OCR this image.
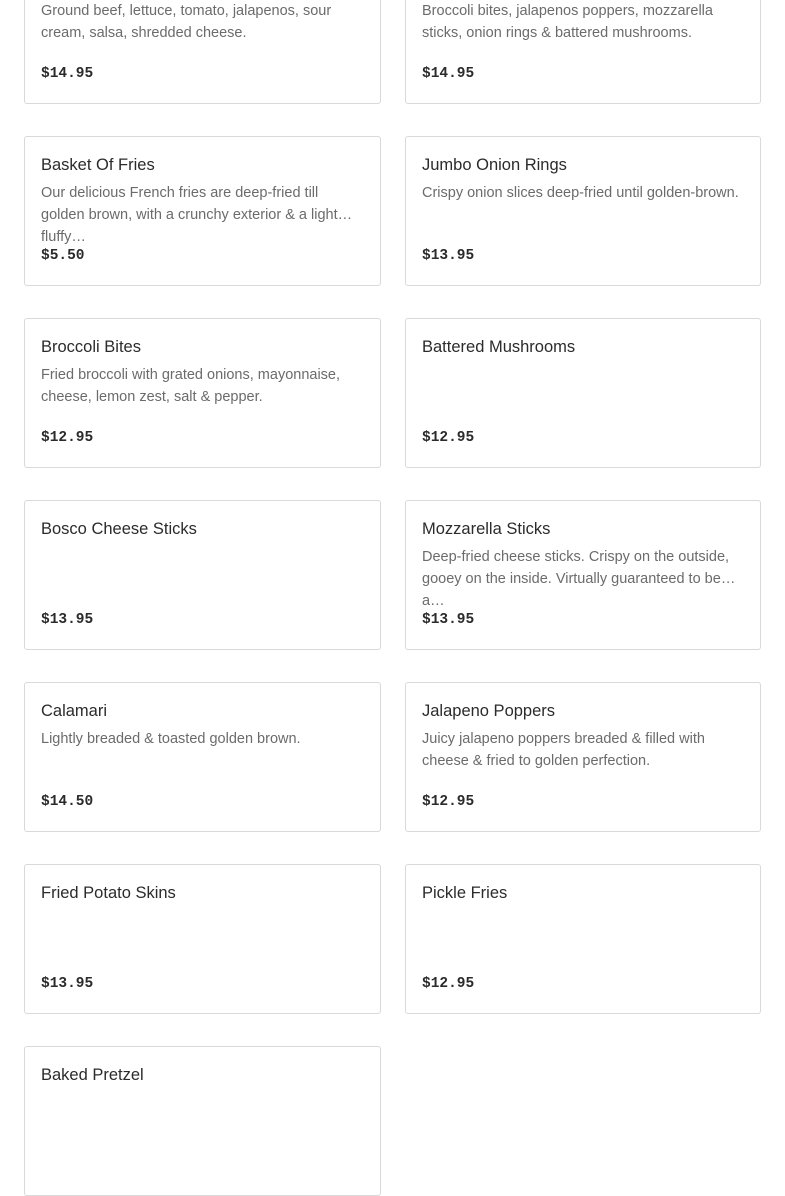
Ground beef, lettuce, tomato, jalapenos, sour cream, salsa, shredded cheese.

$14.95

Broccoli bites, jalapenos poppers, mozzarella sticks, onion rings & battered mushrooms.

$14.95

Basket Of Fries

Our delicious French fries are deep-fried till golden brown, with a crunchy exterior & a light fluffy…

$5.50

Jumbo Onion Rings

Crispy onion slices deep-fried until golden-brown.

$13.95

Broccoli Bites

Fried broccoli with grated onions, mayonnaise, cheese, lemon zest, salt & pepper.

$12.95

Battered Mushrooms

$12.95

Bosco Cheese Sticks

$13.95

Mozzarella Sticks

Deep-fried cheese sticks. Crispy on the outside, gooey on the inside. Virtually guaranteed to be a…

$13.95

Calamari

Lightly breaded & toasted golden brown.

$14.50

Jalapeno Poppers

Juicy jalapeno poppers breaded & filled with cheese & fried to golden perfection.

$12.95

Fried Potato Skins

$13.95

Pickle Fries

$12.95

Baked Pretzel
